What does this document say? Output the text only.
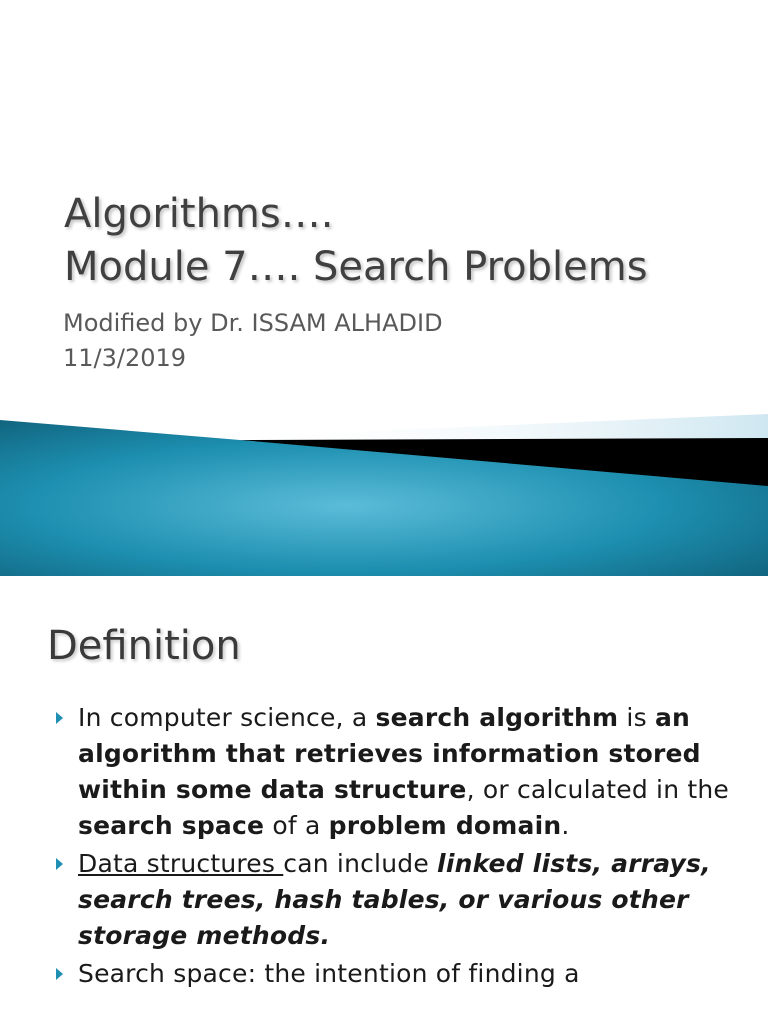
Algorithms….
Module 7…. Search Problems
Modified by Dr. ISSAM ALHADID
11/3/2019
Definition

In computer science, a search algorithm is an algorithm that retrieves information stored within some data structure, or calculated in the search space of a problem domain.

Data structures can include linked lists, arrays, search trees, hash tables, or various other storage methods.

Search space: the intention of finding a
